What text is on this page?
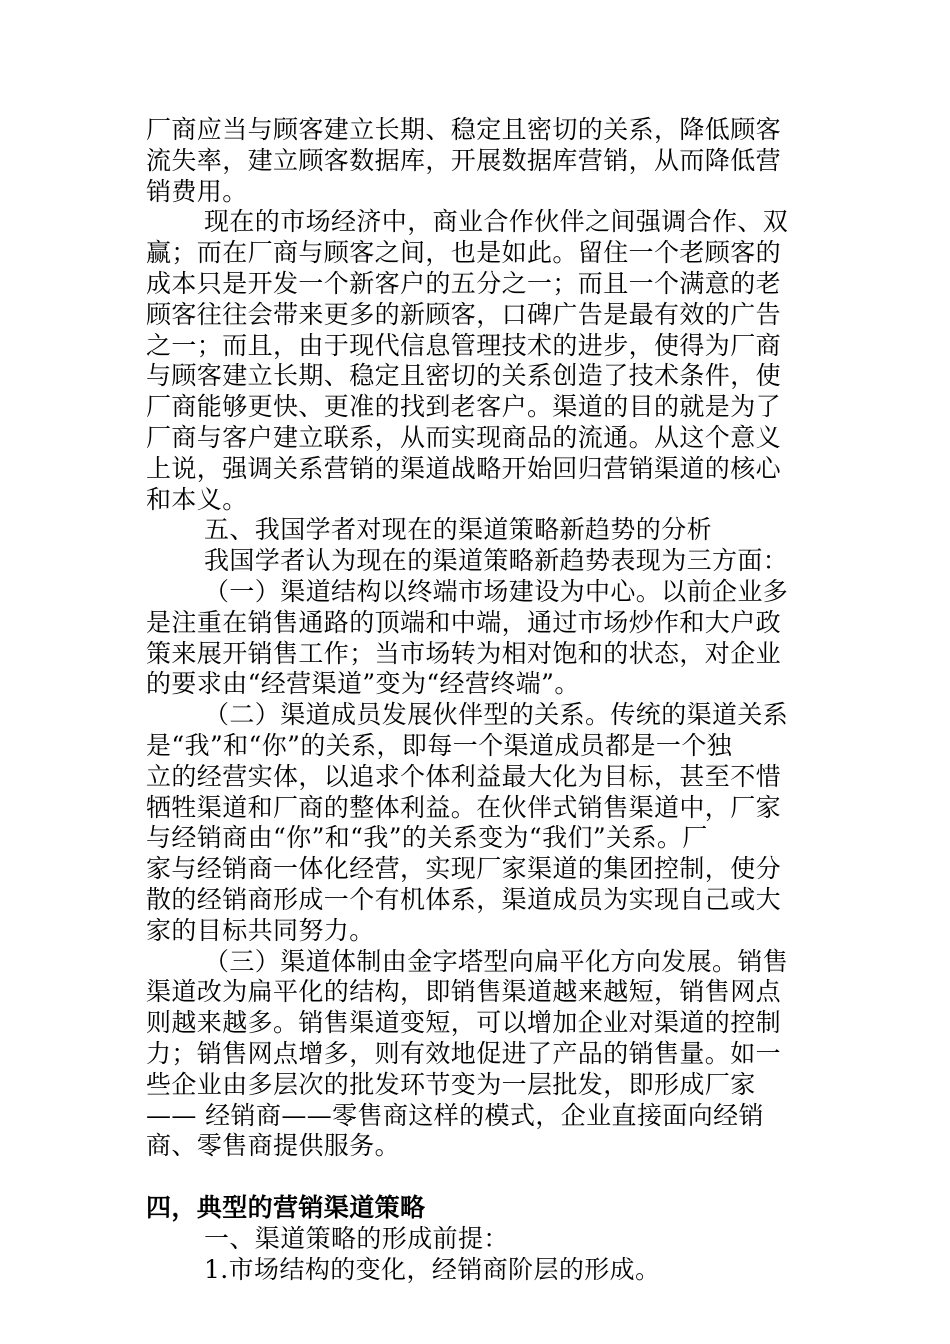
厂商应当与顾客建立长期、稳定且密切的关系，降低顾客
流失率，建立顾客数据库，开展数据库营销，从而降低营
销费用。
现在的市场经济中，商业合作伙伴之间强调合作、双
赢；而在厂商与顾客之间，也是如此。留住一个老顾客的
成本只是开发一个新客户的五分之一；而且一个满意的老
顾客往往会带来更多的新顾客，口碑广告是最有效的广告
之一；而且，由于现代信息管理技术的进步，使得为厂商
与顾客建立长期、稳定且密切的关系创造了技术条件，使
厂商能够更快、更准的找到老客户。渠道的目的就是为了
厂商与客户建立联系，从而实现商品的流通。从这个意义
上说，强调关系营销的渠道战略开始回归营销渠道的核心
和本义。
五、我国学者对现在的渠道策略新趋势的分析
我国学者认为现在的渠道策略新趋势表现为三方面：
（一）渠道结构以终端市场建设为中心。以前企业多
是注重在销售通路的顶端和中端，通过市场炒作和大户政
策来展开销售工作；当市场转为相对饱和的状态，对企业
的要求由“经营渠道”变为“经营终端”。
（二）渠道成员发展伙伴型的关系。传统的渠道关系
是“我”和“你”的关系，即每一个渠道成员都是一个独
立的经营实体，以追求个体利益最大化为目标，甚至不惜
牺牲渠道和厂商的整体利益。在伙伴式销售渠道中，厂家
与经销商由“你”和“我”的关系变为“我们”关系。厂
家与经销商一体化经营，实现厂家渠道的集团控制，使分
散的经销商形成一个有机体系，渠道成员为实现自己或大
家的目标共同努力。
（三）渠道体制由金字塔型向扁平化方向发展。销售
渠道改为扁平化的结构，即销售渠道越来越短，销售网点
则越来越多。销售渠道变短，可以增加企业对渠道的控制
力；销售网点增多，则有效地促进了产品的销售量。如一
些企业由多层次的批发环节变为一层批发，即形成厂家
—— 经销商——零售商这样的模式，企业直接面向经销
商、零售商提供服务。
四，典型的营销渠道策略
一、渠道策略的形成前提：
1.市场结构的变化，经销商阶层的形成。
